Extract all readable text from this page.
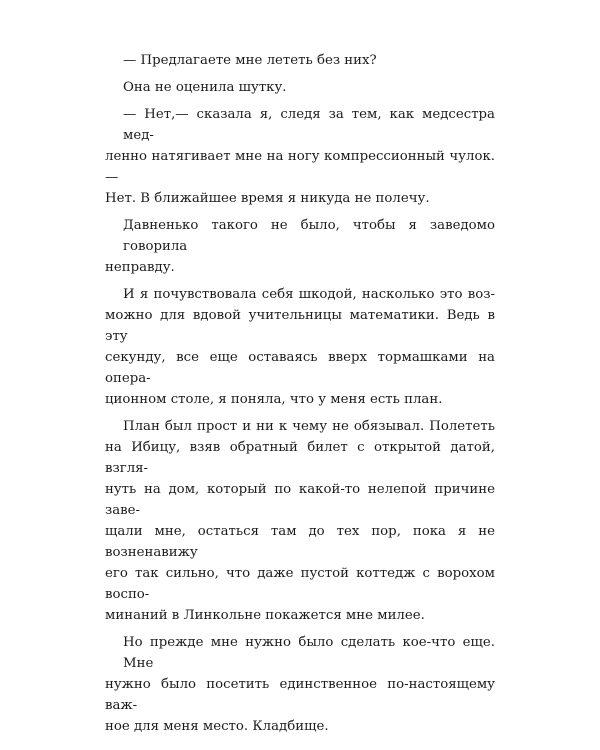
— Предлагаете мне лететь без них?

Она не оценила шутку.

— Нет,— сказала я, следя за тем, как медсестра мед-
ленно натягивает мне на ногу компрессионный чулок.—
Нет. В ближайшее время я никуда не полечу.

Давненько такого не было, чтобы я заведомо говорила
неправду.

И я почувствовала себя шкодой, насколько это воз-
можно для вдовой учительницы математики. Ведь в эту
секунду, все еще оставаясь вверх тормашками на опера-
ционном столе, я поняла, что у меня есть план.

План был прост и ни к чему не обязывал. Полететь
на Ибицу, взяв обратный билет с открытой датой, взгля-
нуть на дом, который по какой-то нелепой причине заве-
щали мне, остаться там до тех пор, пока я не возненавижу
его так сильно, что даже пустой коттедж с ворохом воспо-
минаний в Линкольне покажется мне милее.

Но прежде мне нужно было сделать кое-что еще. Мне
нужно было посетить единственное по-настоящему важ-
ное для меня место. Кладбище.
